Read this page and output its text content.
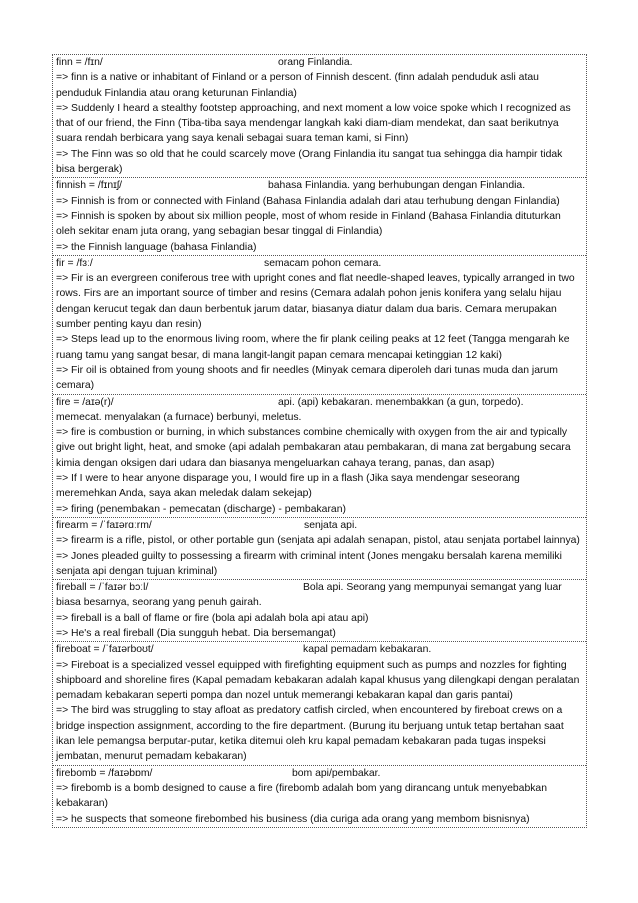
finn = /fɪn/	orang Finlandia.

=> finn is a native or inhabitant of Finland or a person of Finnish descent. (finn adalah penduduk asli atau penduduk Finlandia atau orang keturunan Finlandia)

=> Suddenly I heard a stealthy footstep approaching, and next moment a low voice spoke which I recognized as that of our friend, the Finn (Tiba-tiba saya mendengar langkah kaki diam-diam mendekat, dan saat berikutnya suara rendah berbicara yang saya kenali sebagai suara teman kami, si Finn)

=> The Finn was so old that he could scarcely move (Orang Finlandia itu sangat tua sehingga dia hampir tidak bisa bergerak)

finnish = /fɪnɪʃ/	bahasa Finlandia. yang berhubungan dengan Finlandia.

=> Finnish is from or connected with Finland (Bahasa Finlandia adalah dari atau terhubung dengan Finlandia)

=> Finnish is spoken by about six million people, most of whom reside in Finland (Bahasa Finlandia dituturkan oleh sekitar enam juta orang, yang sebagian besar tinggal di Finlandia)

=> the Finnish language (bahasa Finlandia)

fir = /fɜː/	semacam pohon cemara.

=> Fir is an evergreen coniferous tree with upright cones and flat needle-shaped leaves, typically arranged in two rows. Firs are an important source of timber and resins (Cemara adalah pohon jenis konifera yang selalu hijau dengan kerucut tegak dan daun berbentuk jarum datar, biasanya diatur dalam dua baris. Cemara merupakan sumber penting kayu dan resin)

=> Steps lead up to the enormous living room, where the fir plank ceiling peaks at 12 feet (Tangga mengarah ke ruang tamu yang sangat besar, di mana langit-langit papan cemara mencapai ketinggian 12 kaki)

=> Fir oil is obtained from young shoots and fir needles (Minyak cemara diperoleh dari tunas muda dan jarum cemara)

fire = /aɪə(r)/	api. (api) kebakaran. menembakkan (a gun, torpedo).

memecat. menyalakan (a furnace) berbunyi, meletus.

=> fire is combustion or burning, in which substances combine chemically with oxygen from the air and typically give out bright light, heat, and smoke (api adalah pembakaran atau pembakaran, di mana zat bergabung secara kimia dengan oksigen dari udara dan biasanya mengeluarkan cahaya terang, panas, dan asap)

=> If I were to hear anyone disparage you, I would fire up in a flash (Jika saya mendengar seseorang meremehkan Anda, saya akan meledak dalam sekejap)

=> firing (penembakan - pemecatan (discharge) - pembakaran)

firearm = /ˈfaɪərɑːrm/	senjata api.

=> firearm is a rifle, pistol, or other portable gun (senjata api adalah senapan, pistol, atau senjata portabel lainnya)

=> Jones pleaded guilty to possessing a firearm with criminal intent (Jones mengaku bersalah karena memiliki senjata api dengan tujuan kriminal)

fireball = /ˈfaɪər bɔːl/	Bola api. Seorang yang mempunyai semangat yang luar

biasa besarnya, seorang yang penuh gairah.

=> fireball is a ball of flame or fire (bola api adalah bola api atau api)

=> He's a real fireball (Dia sungguh hebat. Dia bersemangat)

fireboat = /ˈfaɪərboʊt/	kapal pemadam kebakaran.

=> Fireboat is a specialized vessel equipped with firefighting equipment such as pumps and nozzles for fighting shipboard and shoreline fires (Kapal pemadam kebakaran adalah kapal khusus yang dilengkapi dengan peralatan pemadam kebakaran seperti pompa dan nozel untuk memerangi kebakaran kapal dan garis pantai)

=> The bird was struggling to stay afloat as predatory catfish circled, when encountered by fireboat crews on a bridge inspection assignment, according to the fire department. (Burung itu berjuang untuk tetap bertahan saat ikan lele pemangsa berputar-putar, ketika ditemui oleh kru kapal pemadam kebakaran pada tugas inspeksi jembatan, menurut pemadam kebakaran)

firebomb = /faɪəbɒm/	bom api/pembakar.

=> firebomb is a bomb designed to cause a fire (firebomb adalah bom yang dirancang untuk menyebabkan kebakaran)

=> he suspects that someone firebombed his business (dia curiga ada orang yang membom bisnisnya)
